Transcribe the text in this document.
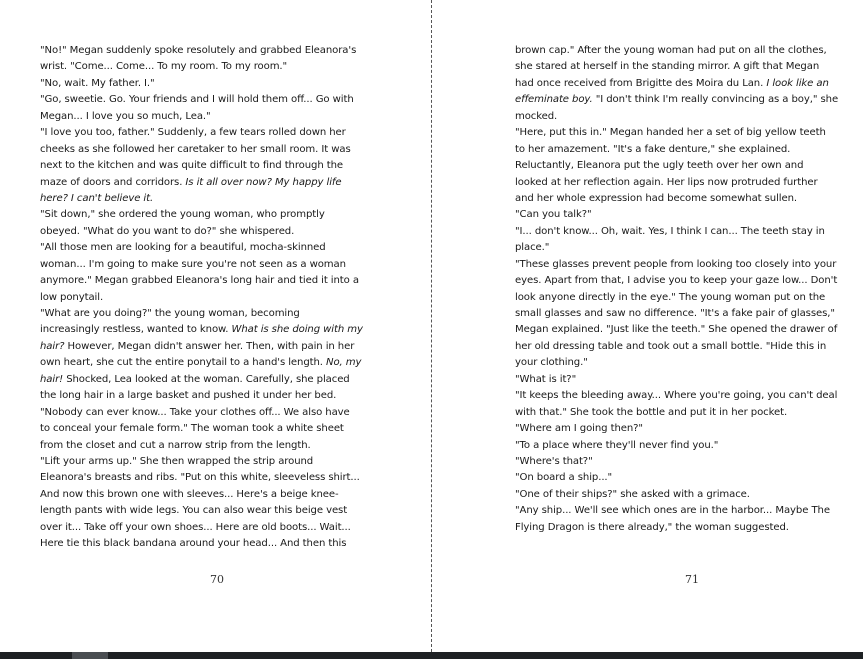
"No!" Megan suddenly spoke resolutely and grabbed Eleanora's
wrist. "Come... Come... To my room. To my room."
"No, wait. My father. I."
"Go, sweetie. Go. Your friends and I will hold them off... Go with
Megan... I love you so much, Lea."
"I love you too, father." Suddenly, a few tears rolled down her
cheeks as she followed her caretaker to her small room. It was
next to the kitchen and was quite difficult to find through the
maze of doors and corridors. Is it all over now? My happy life
here? I can't believe it.
"Sit down," she ordered the young woman, who promptly
obeyed. "What do you want to do?" she whispered.
"All those men are looking for a beautiful, mocha-skinned
woman... I'm going to make sure you're not seen as a woman
anymore." Megan grabbed Eleanora's long hair and tied it into a
low ponytail.
"What are you doing?" the young woman, becoming
increasingly restless, wanted to know. What is she doing with my
hair? However, Megan didn't answer her. Then, with pain in her
own heart, she cut the entire ponytail to a hand's length. No, my
hair! Shocked, Lea looked at the woman. Carefully, she placed
the long hair in a large basket and pushed it under her bed.
"Nobody can ever know... Take your clothes off... We also have
to conceal your female form." The woman took a white sheet
from the closet and cut a narrow strip from the length.
"Lift your arms up." She then wrapped the strip around
Eleanora's breasts and ribs. "Put on this white, sleeveless shirt...
And now this brown one with sleeves... Here's a beige knee-
length pants with wide legs. You can also wear this beige vest
over it... Take off your own shoes... Here are old boots... Wait...
Here tie this black bandana around your head... And then this
70
brown cap." After the young woman had put on all the clothes,
she stared at herself in the standing mirror. A gift that Megan
had once received from Brigitte des Moira du Lan. I look like an
effeminate boy. "I don't think I'm really convincing as a boy," she
mocked.
"Here, put this in." Megan handed her a set of big yellow teeth
to her amazement. "It's a fake denture," she explained.
Reluctantly, Eleanora put the ugly teeth over her own and
looked at her reflection again. Her lips now protruded further
and her whole expression had become somewhat sullen.
"Can you talk?"
"I... don't know... Oh, wait. Yes, I think I can... The teeth stay in
place."
"These glasses prevent people from looking too closely into your
eyes. Apart from that, I advise you to keep your gaze low... Don't
look anyone directly in the eye." The young woman put on the
small glasses and saw no difference. "It's a fake pair of glasses,"
Megan explained. "Just like the teeth." She opened the drawer of
her old dressing table and took out a small bottle. "Hide this in
your clothing."
"What is it?"
"It keeps the bleeding away... Where you're going, you can't deal
with that." She took the bottle and put it in her pocket.
"Where am I going then?"
"To a place where they'll never find you."
"Where's that?"
"On board a ship..."
"One of their ships?" she asked with a grimace.
"Any ship... We'll see which ones are in the harbor... Maybe The
Flying Dragon is there already," the woman suggested.
71
